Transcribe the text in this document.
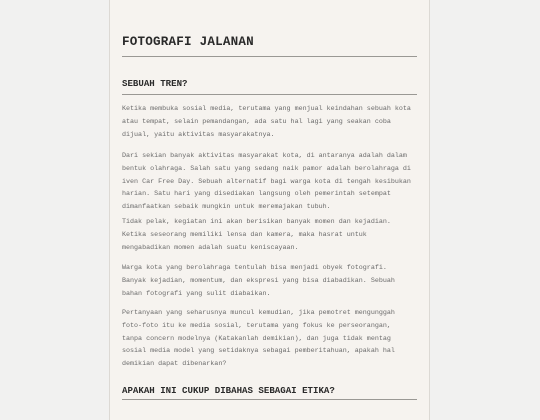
FOTOGRAFI JALANAN
SEBUAH TREN?

Ketika membuka sosial media, terutama yang menjual keindahan sebuah kota
atau tempat, selain pemandangan, ada satu hal lagi yang seakan coba
dijual, yaitu aktivitas masyarakatnya.

Dari sekian banyak aktivitas masyarakat kota, di antaranya adalah dalam
bentuk olahraga. Salah satu yang sedang naik pamor adalah berolahraga di
iven Car Free Day. Sebuah alternatif bagi warga kota di tengah kesibukan
harian. Satu hari yang disediakan langsung oleh pemerintah setempat
dimanfaatkan sebaik mungkin untuk meremajakan tubuh.

Tidak pelak, kegiatan ini akan berisikan banyak momen dan kejadian.
Ketika seseorang memiliki lensa dan kamera, maka hasrat untuk
mengabadikan momen adalah suatu keniscayaan.

Warga kota yang berolahraga tentulah bisa menjadi obyek fotografi.
Banyak kejadian, momentum, dan ekspresi yang bisa diabadikan. Sebuah
bahan fotografi yang sulit diabaikan.

Pertanyaan yang seharusnya muncul kemudian, jika pemotret mengunggah
foto-foto itu ke media sosial, terutama yang fokus ke perseorangan,
tanpa concern modelnya (Katakanlah demikian), dan juga tidak mentag
sosial media model yang setidaknya sebagai pemberitahuan, apakah hal
demikian dapat dibenarkan?

APAKAH INI CUKUP DIBAHAS SEBAGAI ETIKA?
